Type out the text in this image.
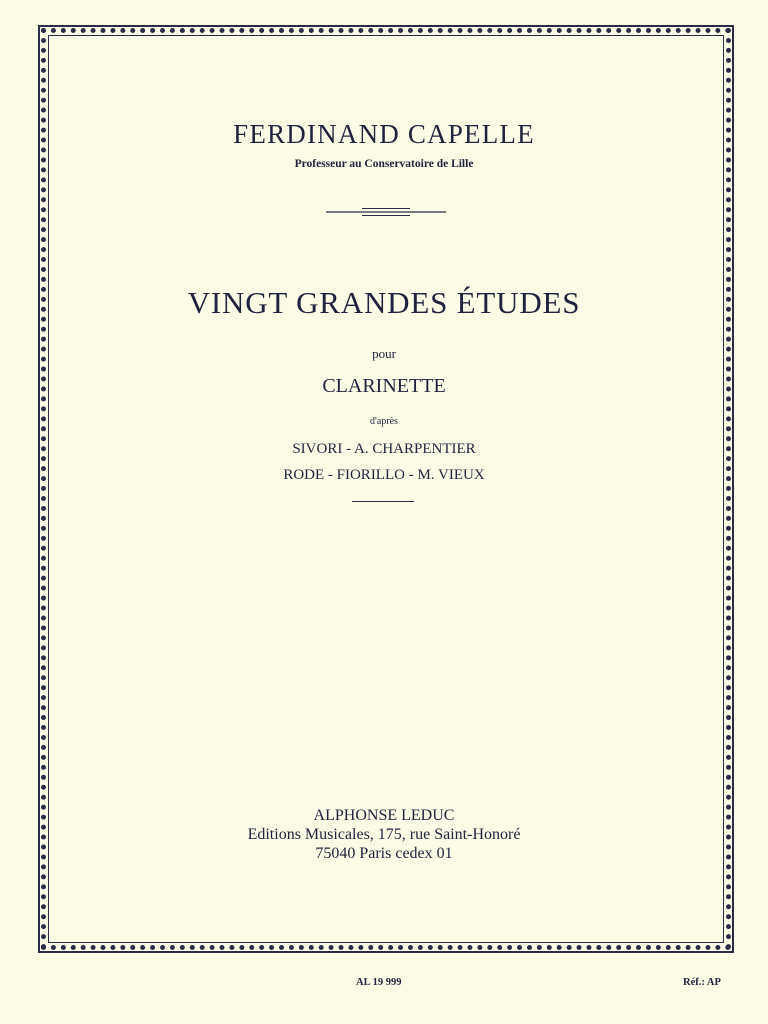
FERDINAND CAPELLE
Professeur au Conservatoire de Lille
VINGT GRANDES ÉTUDES
pour
CLARINETTE
d'après
SIVORI - A. CHARPENTIER
RODE - FIORILLO - M. VIEUX
ALPHONSE LEDUC
Editions Musicales, 175, rue Saint-Honoré
75040 Paris cedex 01
AL 19 999	Réf.: AP
